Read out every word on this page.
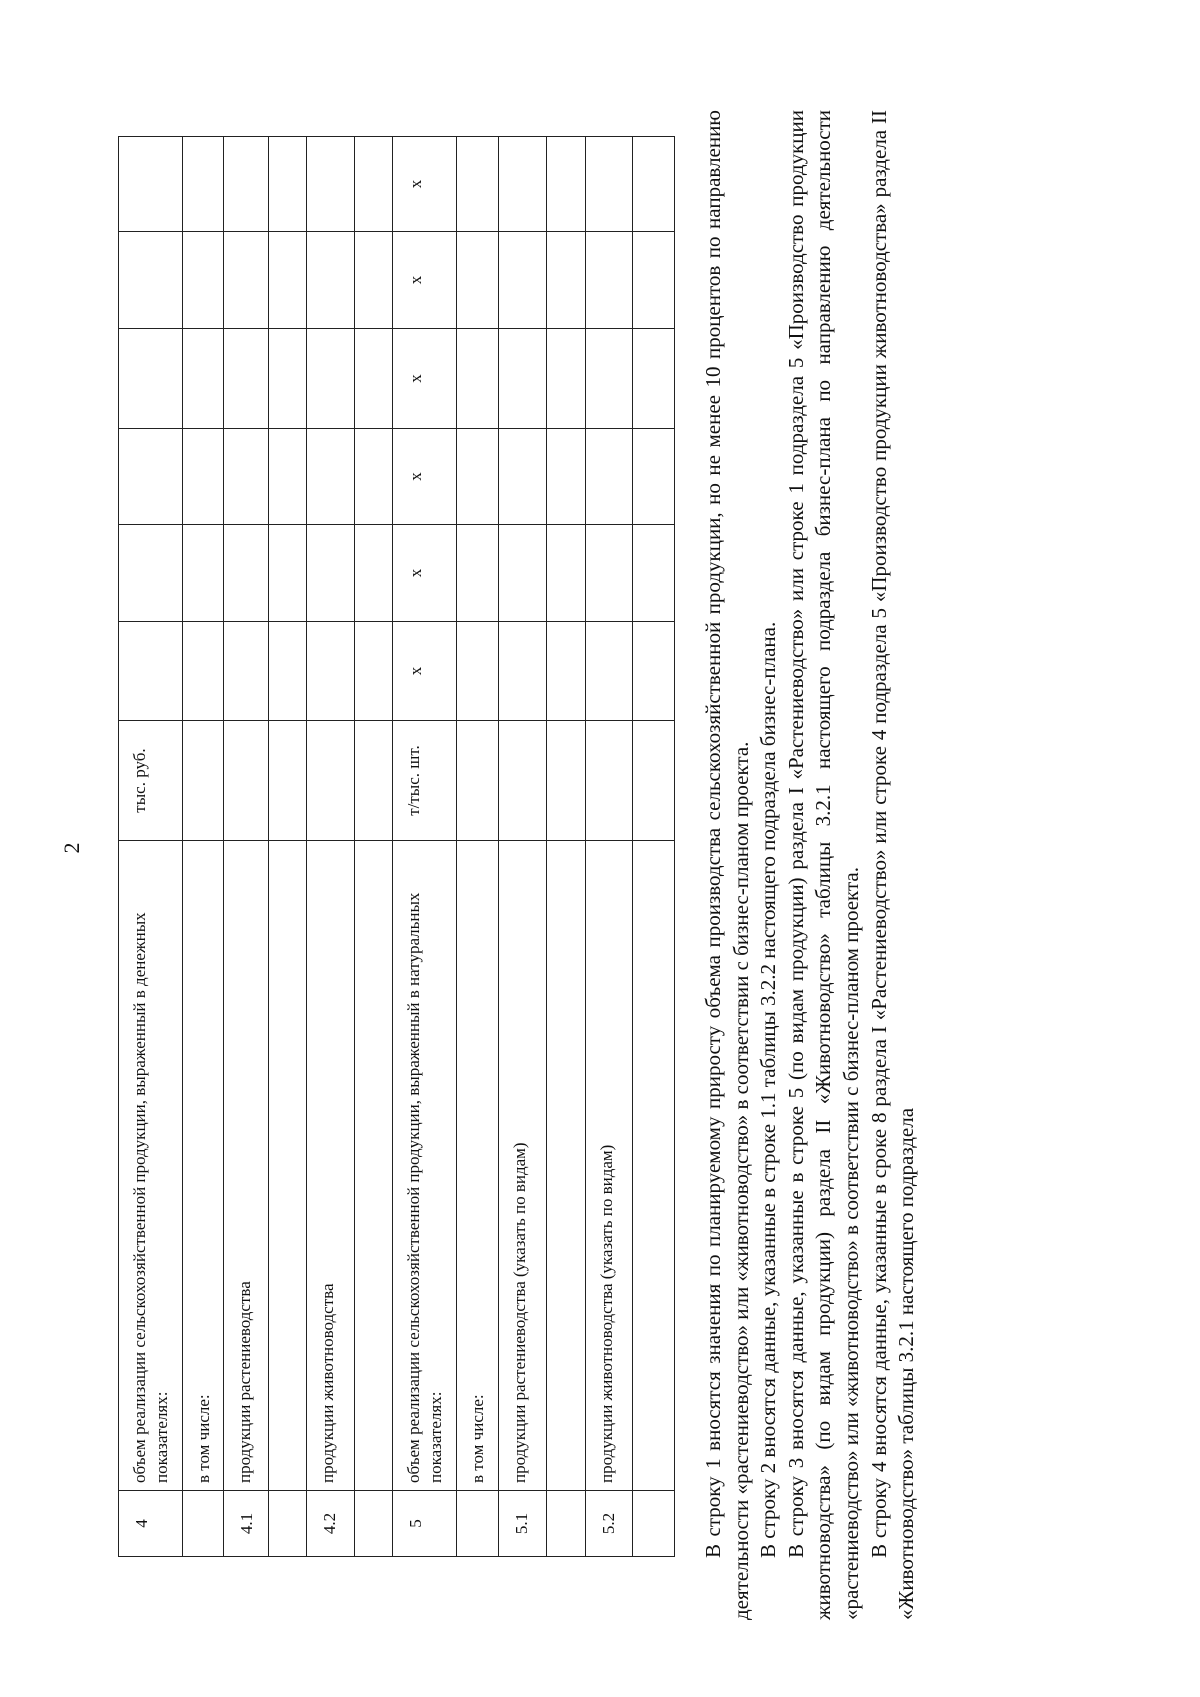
2
4	объем реализации сельскохозяйственной продукции, выраженный в денежных показателях:	тыс. руб.						
	в том числе:							
4.1	продукции растениеводства							

4.2	продукции животноводства							

5	объем реализации сельскохозяйственной продукции, выраженный в натуральных показателях:	т/тыс. шт.	x	x	x	x	x	x
	в том числе:							
5.1	продукции растениеводства (указать по видам)							

5.2	продукции животноводства (указать по видам)							
									В строку 1 вносятся значения по планируемому приросту объема производства сельскохозяйственной продукции, но не менее 10 процентов по направлению деятельности «растениеводство» или «животноводство» в соответствии с бизнес-планом проекта. В строку 2 вносятся данные, указанные в строке 1.1 таблицы 3.2.2 настоящего подраздела бизнес-плана. В строку 3 вносятся данные, указанные в строке 5 (по видам продукции) раздела I «Растениеводство» или строке 1 подраздела 5 «Производство продукции животноводства» (по видам продукции) раздела II «Животноводство» таблицы 3.2.1 настоящего подраздела бизнес-плана по направлению деятельности «растениеводство» или «животноводство» в соответствии с бизнес-планом проекта. В строку 4 вносятся данные, указанные в сроке 8 раздела I «Растениеводство» или строке 4 подраздела 5 «Производство продукции животноводства» раздела II «Животноводство» таблицы 3.2.1 настоящего подраздела
